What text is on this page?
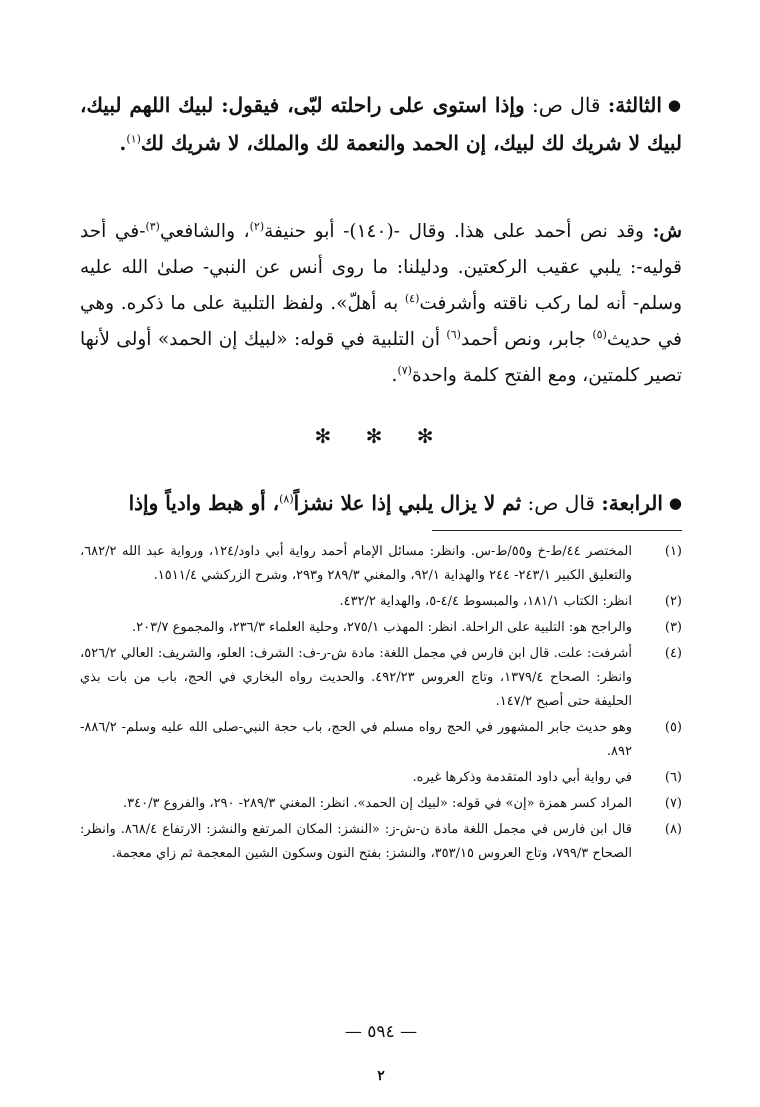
●الثالثة: قال ص: وإذا استوى على راحلته لبّى، فيقول: لبيك اللهم لبيك، لبيك لا شريك لك لبيك، إن الحمد والنعمة لك والملك، لا شريك لك$^{(١)}$.

ش: وقد نص أحمد على هذا. وقال -(١٤٠)- أبو حنيفة$^{(٢)}$، والشافعي$^{(٣)}$-في أحد قوليه-: يلبي عقيب الركعتين. ودليلنا: ما روى أنس عن النبي- صلىٰ الله عليه وسلم- أنه لما ركب ناقته وأشرفت$^{(٤)}$ به أهلّ». ولفظ التلبية على ما ذكره. وهي في حديث$^{(٥)}$ جابر، ونص أحمد$^{(٦)}$ أن التلبية في قوله: «لبيك إن الحمد» أولى لأنها تصير كلمتين، ومع الفتح كلمة واحدة$^{(٧)}$.

✻ ✻ ✻

●الرابعة: قال ص: ثم لا يزال يلبي إذا علا نشزاً$^{(٨)}$، أو هبط وادياً وإذا

(١)
المختصر ٤٤/ط-خ و٥٥/ط-س. وانظر: مسائل الإمام أحمد رواية أبي داود/١٢٤، ورواية عبد الله ٦٨٢/٢، والتعليق الكبير ٢٤٣/١- ٢٤٤ والهداية ٩٢/١، والمغني ٢٨٩/٣ و٢٩٣، وشرح الزركشي ١٥١١/٤.

(٢)
انظر: الكتاب ١٨١/١، والمبسوط ٤/٤-٥، والهداية ٤٣٢/٢.

(٣)
والراجح هو: التلبية على الراحلة. انظر: المهذب ٢٧٥/١، وحلية العلماء ٢٣٦/٣، والمجموع ٢٠٣/٧.

(٤)
أشرفت: علت. قال ابن فارس في مجمل اللغة: مادة ش-ر-ف: الشرف: العلو، والشريف: العالي ٥٢٦/٢، وانظر: الصحاح ١٣٧٩/٤، وتاج العروس ٤٩٢/٢٣. والحديث رواه البخاري في الحج، باب من بات بذي الحليفة حتى أصبح ١٤٧/٢.

(٥)
وهو حديث جابر المشهور في الحج رواه مسلم في الحج، باب حجة النبي-صلى الله عليه وسلم- ٨٨٦/٢- ٨٩٢.

(٦)
في رواية أبي داود المتقدمة وذكرها غيره.

(٧)
المراد كسر همزة «إن» في قوله: «لبيك إن الحمد». انظر: المغني ٢٨٩/٣- ٢٩٠، والفروع ٣٤٠/٣.

(٨)
قال ابن فارس في مجمل اللغة مادة ن-ش-ز: «النشز: المكان المرتفع والنشز: الارتفاع ٨٦٨/٤. وانظر: الصحاح ٧٩٩/٣، وتاج العروس ٣٥٣/١٥، والنشز: بفتح النون وسكون الشين المعجمة ثم زاي معجمة.

— ٥٩٤ —
٢
